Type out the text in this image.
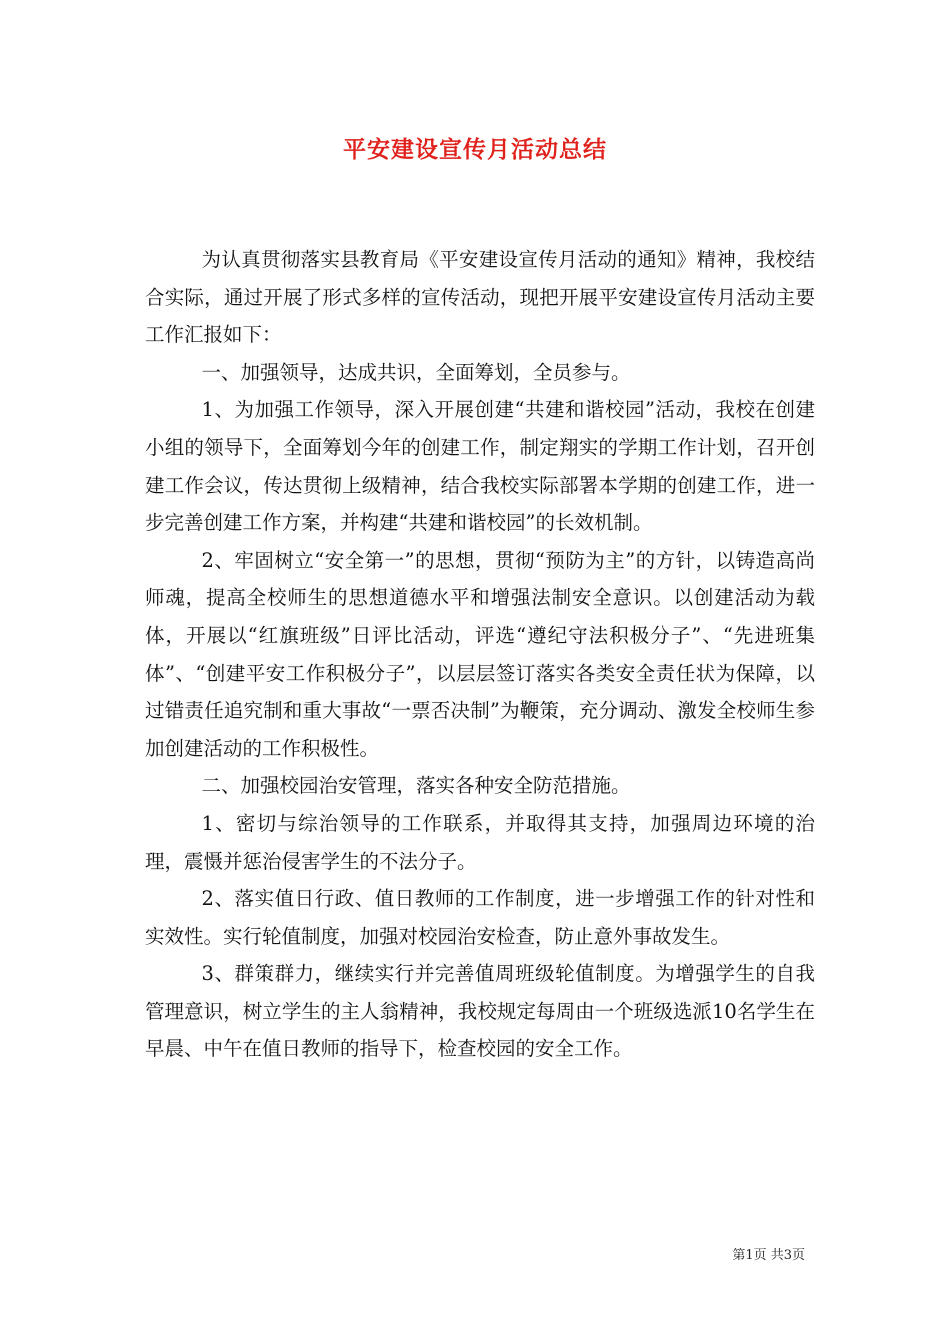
平安建设宣传月活动总结

为认真贯彻落实县教育局《平安建设宣传月活动的通知》精神，我校结合实际，通过开展了形式多样的宣传活动，现把开展平安建设宣传月活动主要工作汇报如下：

一、加强领导，达成共识，全面筹划，全员参与。

1、为加强工作领导，深入开展创建“共建和谐校园”活动，我校在创建小组的领导下，全面筹划今年的创建工作，制定翔实的学期工作计划，召开创建工作会议，传达贯彻上级精神，结合我校实际部署本学期的创建工作，进一步完善创建工作方案，并构建“共建和谐校园”的长效机制。

2、牢固树立“安全第一”的思想，贯彻“预防为主”的方针，以铸造高尚师魂，提高全校师生的思想道德水平和增强法制安全意识。以创建活动为载体，开展以“红旗班级”日评比活动，评选“遵纪守法积极分子”、“先进班集体”、“创建平安工作积极分子”，以层层签订落实各类安全责任状为保障，以过错责任追究制和重大事故“一票否决制”为鞭策，充分调动、激发全校师生参加创建活动的工作积极性。

二、加强校园治安管理，落实各种安全防范措施。

1、密切与综治领导的工作联系，并取得其支持，加强周边环境的治理，震慑并惩治侵害学生的不法分子。

2、落实值日行政、值日教师的工作制度，进一步增强工作的针对性和实效性。实行轮值制度，加强对校园治安检查，防止意外事故发生。

3、群策群力，继续实行并完善值周班级轮值制度。为增强学生的自我管理意识，树立学生的主人翁精神，我校规定每周由一个班级选派10名学生在早晨、中午在值日教师的指导下，检查校园的安全工作。

第1页 共3页
